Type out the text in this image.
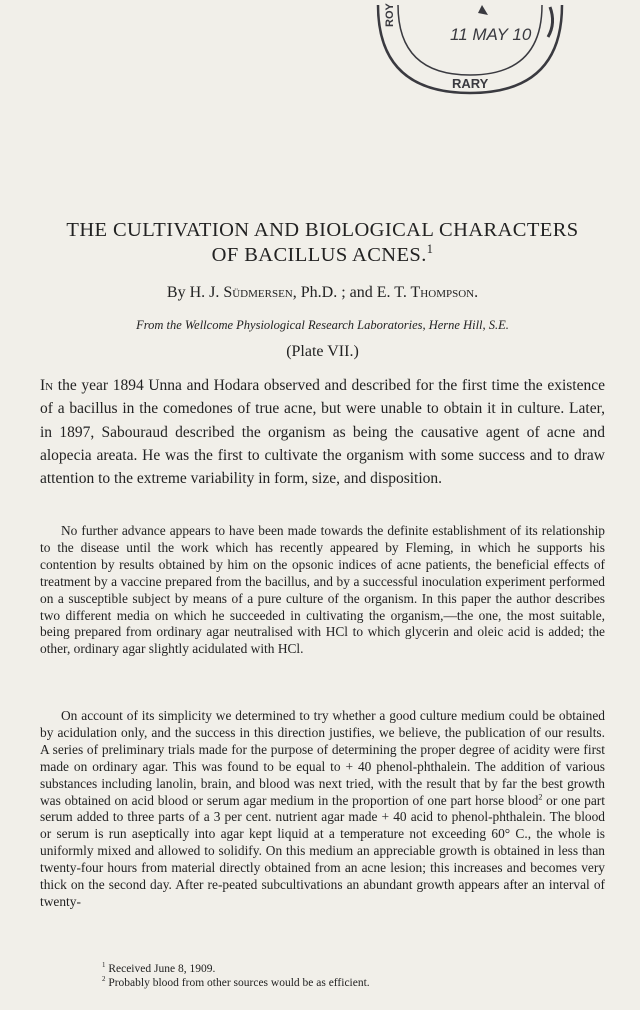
11 MAY 10
RARY
ROY
THE CULTIVATION AND BIOLOGICAL CHARACTERS
OF BACILLUS ACNES.$^1$
By H. J. Südmersen, Ph.D. ; and E. T. Thompson.
From the Wellcome Physiological Research Laboratories, Herne Hill, S.E.
(Plate VII.)

In the year 1894 Unna and Hodara observed and described for the first time the existence of a bacillus in the comedones of true acne, but were unable to obtain it in culture. Later, in 1897, Sabouraud described the organism as being the causative agent of acne and alopecia areata. He was the first to cultivate the organism with some success and to draw attention to the extreme variability in form, size, and disposition.

No further advance appears to have been made towards the definite establishment of its relationship to the disease until the work which has recently appeared by Fleming, in which he supports his contention by results obtained by him on the opsonic indices of acne patients, the beneficial effects of treatment by a vaccine prepared from the bacillus, and by a successful inoculation experiment performed on a susceptible subject by means of a pure culture of the organism. In this paper the author describes two different media on which he succeeded in cultivating the organism,—the one, the most suitable, being prepared from ordinary agar neutralised with HCl to which glycerin and oleic acid is added; the other, ordinary agar slightly acidulated with HCl.

On account of its simplicity we determined to try whether a good culture medium could be obtained by acidulation only, and the success in this direction justifies, we believe, the publication of our results. A series of preliminary trials made for the purpose of determining the proper degree of acidity were first made on ordinary agar. This was found to be equal to + 40 phenol-phthalein. The addition of various substances including lanolin, brain, and blood was next tried, with the result that by far the best growth was obtained on acid blood or serum agar medium in the proportion of one part horse blood$^2$ or one part serum added to three parts of a 3 per cent. nutrient agar made + 40 acid to phenol-phthalein. The blood or serum is run aseptically into agar kept liquid at a temperature not exceeding 60° C., the whole is uniformly mixed and allowed to solidify. On this medium an appreciable growth is obtained in less than twenty-four hours from material directly obtained from an acne lesion; this increases and becomes very thick on the second day. After re-peated subcultivations an abundant growth appears after an interval of twenty-

$^1$ Received June 8, 1909.
$^2$ Probably blood from other sources would be as efficient.
